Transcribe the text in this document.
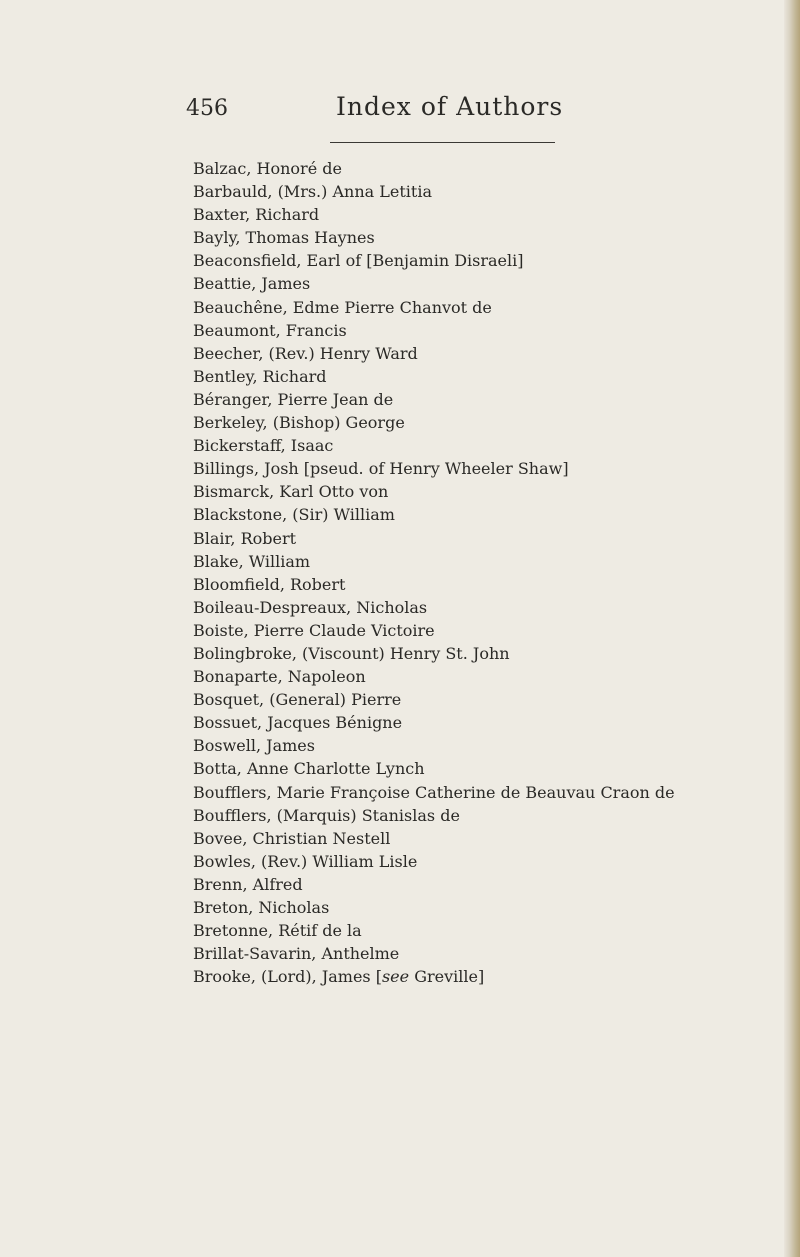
456	Index of Authors
Balzac, Honoré de
Barbauld, (Mrs.) Anna Letitia
Baxter, Richard
Bayly, Thomas Haynes
Beaconsfield, Earl of [Benjamin Disraeli]
Beattie, James
Beauchêne, Edme Pierre Chanvot de
Beaumont, Francis
Beecher, (Rev.) Henry Ward
Bentley, Richard
Béranger, Pierre Jean de
Berkeley, (Bishop) George
Bickerstaff, Isaac
Billings, Josh [pseud. of Henry Wheeler Shaw]
Bismarck, Karl Otto von
Blackstone, (Sir) William
Blair, Robert
Blake, William
Bloomfield, Robert
Boileau-Despreaux, Nicholas
Boiste, Pierre Claude Victoire
Bolingbroke, (Viscount) Henry St. John
Bonaparte, Napoleon
Bosquet, (General) Pierre
Bossuet, Jacques Bénigne
Boswell, James
Botta, Anne Charlotte Lynch
Boufflers, Marie Françoise Catherine de Beauvau Craon de
Boufflers, (Marquis) Stanislas de
Bovee, Christian Nestell
Bowles, (Rev.) William Lisle
Brenn, Alfred
Breton, Nicholas
Bretonne, Rétif de la
Brillat-Savarin, Anthelme
Brooke, (Lord), James [see Greville]
